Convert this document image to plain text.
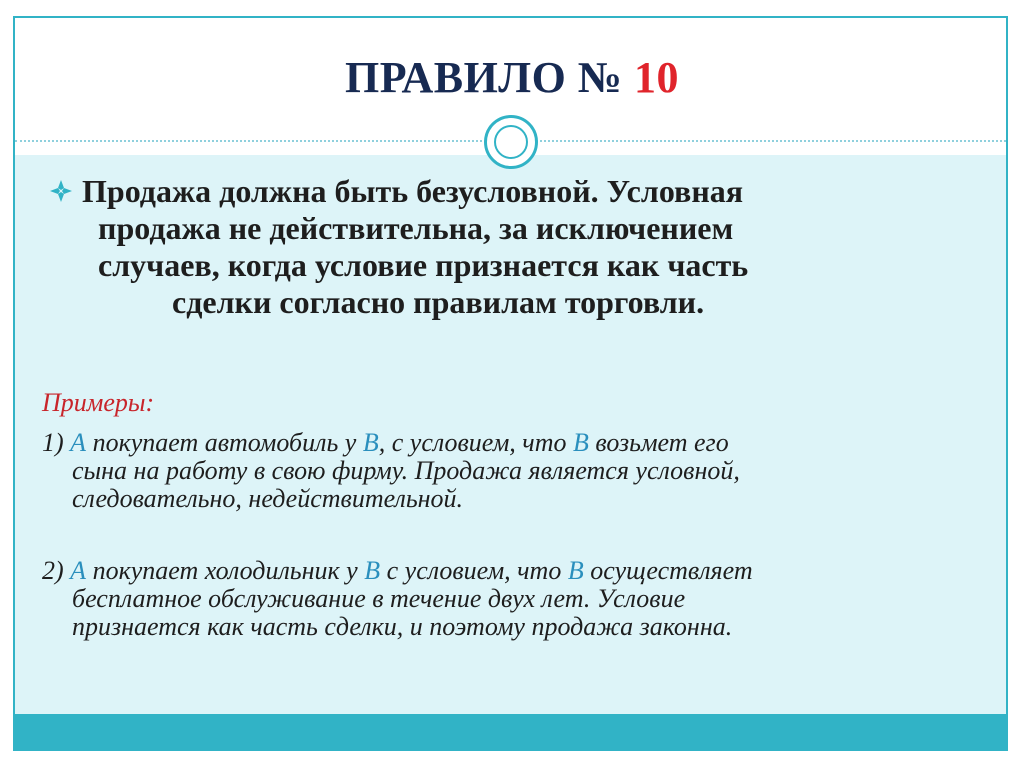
ПРАВИЛО № 10
Продажа должна быть безусловной. Условная
продажа не действительна, за исключением
случаев, когда условие признается как часть
сделки согласно правилам торговли.
Примеры:
1) А покупает автомобиль у В, с условием, что В возьмет его
сына на работу в свою фирму. Продажа является условной,
следовательно, недействительной.
2) А покупает холодильник у В с условием, что В осуществляет
бесплатное обслуживание в течение двух лет. Условие
признается как часть сделки, и поэтому продажа законна.
